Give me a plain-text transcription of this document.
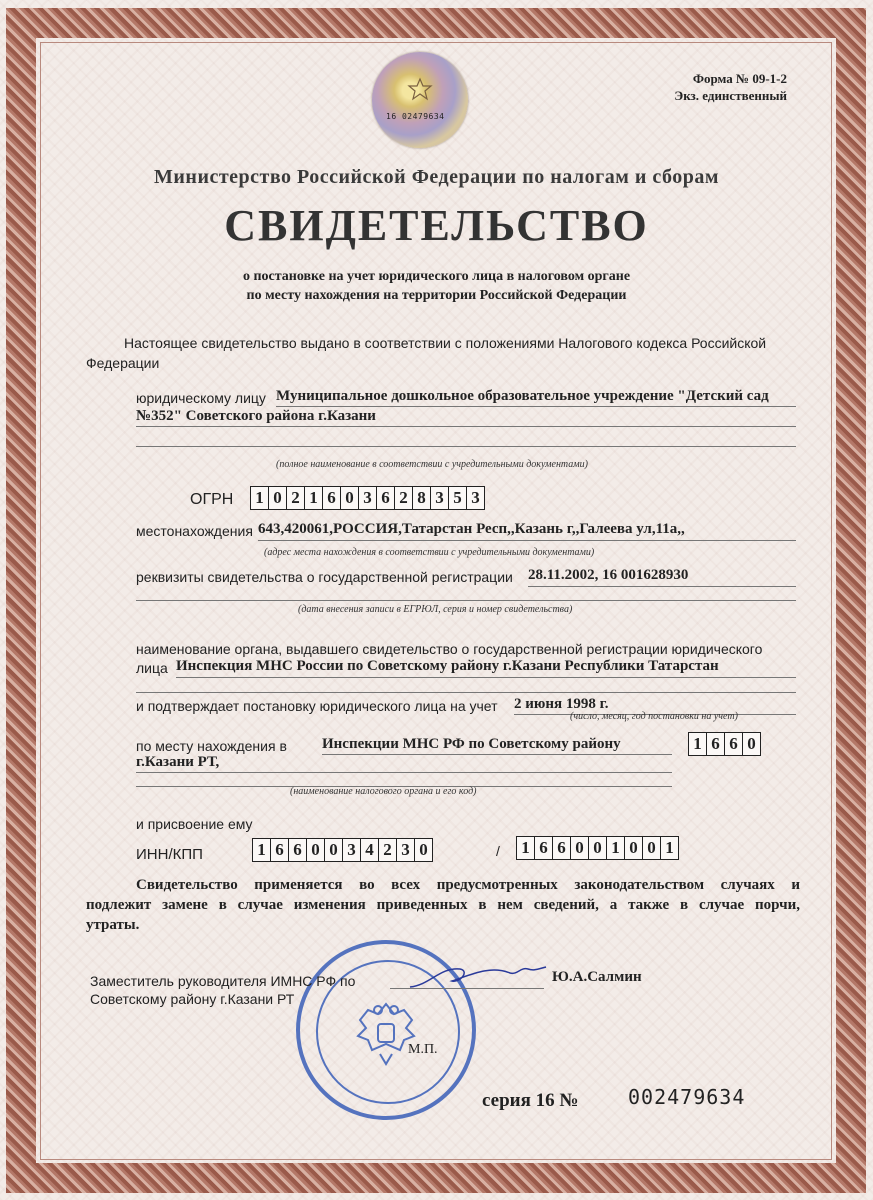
16 02479634
Форма № 09-1-2
Экз. единственный
Министерство Российской Федерации по налогам и сборам
СВИДЕТЕЛЬСТВО
о постановке на учет юридического лица в налоговом органе
по месту нахождения на территории Российской Федерации
Настоящее свидетельство выдано в соответствии с положениями Налогового кодекса Российской
Федерации
юридическому лицу Муниципальное дошкольное образовательное учреждение "Детский сад
№352" Советского района г.Казани
(полное наименование в соответствии с учредительными документами)
ОГРН 1 0 2 1 6 0 3 6 2 8 3 5 3
местонахождения 643,420061,РОССИЯ,Татарстан Респ,,Казань г,,Галеева ул,11а,,
(адрес места нахождения в соответствии с учредительными документами)
реквизиты свидетельства о государственной регистрации 28.11.2002, 16 001628930
(дата внесения записи в ЕГРЮЛ, серия и номер свидетельства)
наименование органа, выдавшего свидетельство о государственной регистрации юридического
лица Инспекция МНС России по Советскому району г.Казани Республики Татарстан
и подтверждает постановку юридического лица на учет 2 июня 1998 г.
(число, месяц, год постановки на учет)
по месту нахождения в Инспекции МНС РФ по Советскому району
г.Казани РТ,
1 6 6 0
(наименование налогового органа и его код)
и присвоение ему
ИНН/КПП	1 6 6 0 0 3 4 2 3 0	/ 1 6 6 0 0 1 0 0 1
Свидетельство применяется во всех предусмотренных законодательством случаях и
подлежит замене в случае изменения приведенных в нем сведений, а также в случае порчи,
утраты.
Заместитель руководителя ИМНС РФ по
Советскому району г.Казани РТ
Ю.А.Салмин
М.П.
серия 16 № 002479634
